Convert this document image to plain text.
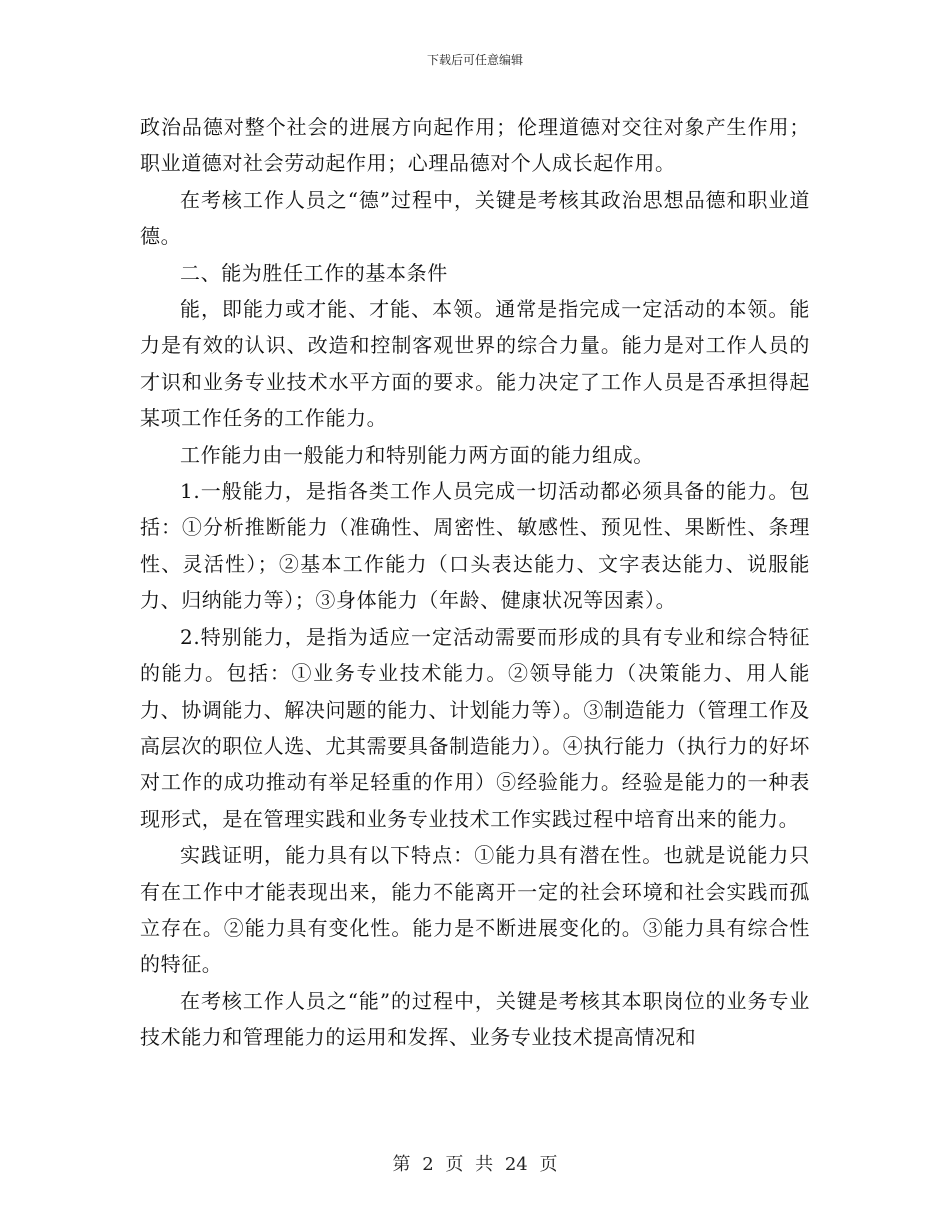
下载后可任意编辑

政治品德对整个社会的进展方向起作用；伦理道德对交往对象产生作用；职业道德对社会劳动起作用；心理品德对个人成长起作用。

在考核工作人员之“德”过程中，关键是考核其政治思想品德和职业道德。

二、能为胜任工作的基本条件

能，即能力或才能、才能、本领。通常是指完成一定活动的本领。能力是有效的认识、改造和控制客观世界的综合力量。能力是对工作人员的才识和业务专业技术水平方面的要求。能力决定了工作人员是否承担得起某项工作任务的工作能力。

工作能力由一般能力和特别能力两方面的能力组成。

1.一般能力，是指各类工作人员完成一切活动都必须具备的能力。包括：①分析推断能力（准确性、周密性、敏感性、预见性、果断性、条理性、灵活性）；②基本工作能力（口头表达能力、文字表达能力、说服能力、归纳能力等）；③身体能力（年龄、健康状况等因素）。

2.特别能力，是指为适应一定活动需要而形成的具有专业和综合特征的能力。包括：①业务专业技术能力。②领导能力（决策能力、用人能力、协调能力、解决问题的能力、计划能力等）。③制造能力（管理工作及高层次的职位人选、尤其需要具备制造能力）。④执行能力（执行力的好坏对工作的成功推动有举足轻重的作用）⑤经验能力。经验是能力的一种表现形式，是在管理实践和业务专业技术工作实践过程中培育出来的能力。

实践证明，能力具有以下特点：①能力具有潜在性。也就是说能力只有在工作中才能表现出来，能力不能离开一定的社会环境和社会实践而孤立存在。②能力具有变化性。能力是不断进展变化的。③能力具有综合性的特征。

在考核工作人员之“能”的过程中，关键是考核其本职岗位的业务专业技术能力和管理能力的运用和发挥、业务专业技术提高情况和

第 2 页 共 24 页
